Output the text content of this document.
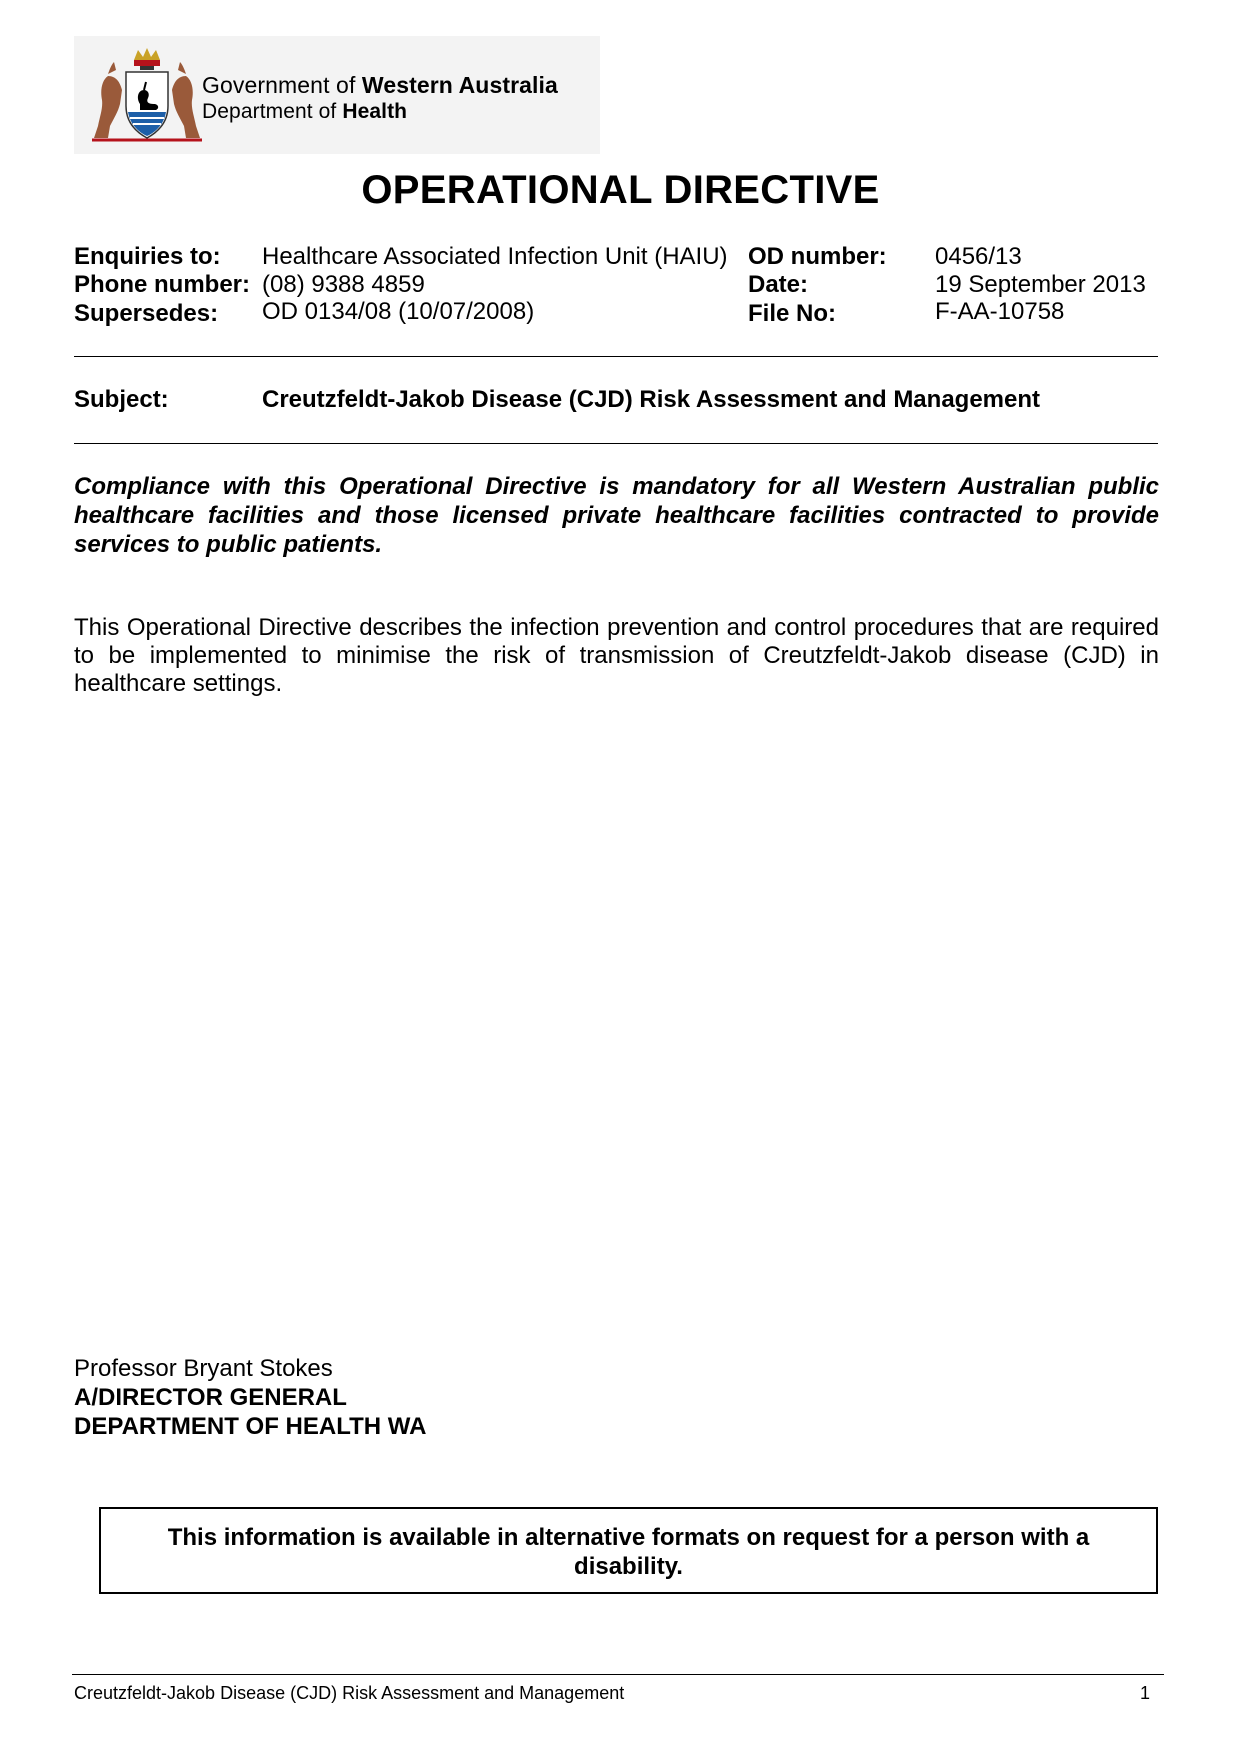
Government of Western Australia
Department of Health
OPERATIONAL DIRECTIVE
Enquiries to: Healthcare Associated Infection Unit (HAIU) OD number: 0456/13
Phone number: (08) 9388 4859	Date:	19 September 2013
Supersedes: OD 0134/08 (10/07/2008)	File No:	F-AA-10758
Subject:	Creutzfeldt-Jakob Disease (CJD) Risk Assessment and Management
Compliance with this Operational Directive is mandatory for all Western Australian public healthcare facilities and those licensed private healthcare facilities contracted to provide services to public patients.
This Operational Directive describes the infection prevention and control procedures that are required to be implemented to minimise the risk of transmission of Creutzfeldt-Jakob disease (CJD) in healthcare settings.
Professor Bryant Stokes
A/DIRECTOR GENERAL
DEPARTMENT OF HEALTH WA
This information is available in alternative formats on request for a person with a disability.
Creutzfeldt-Jakob Disease (CJD) Risk Assessment and Management	1
